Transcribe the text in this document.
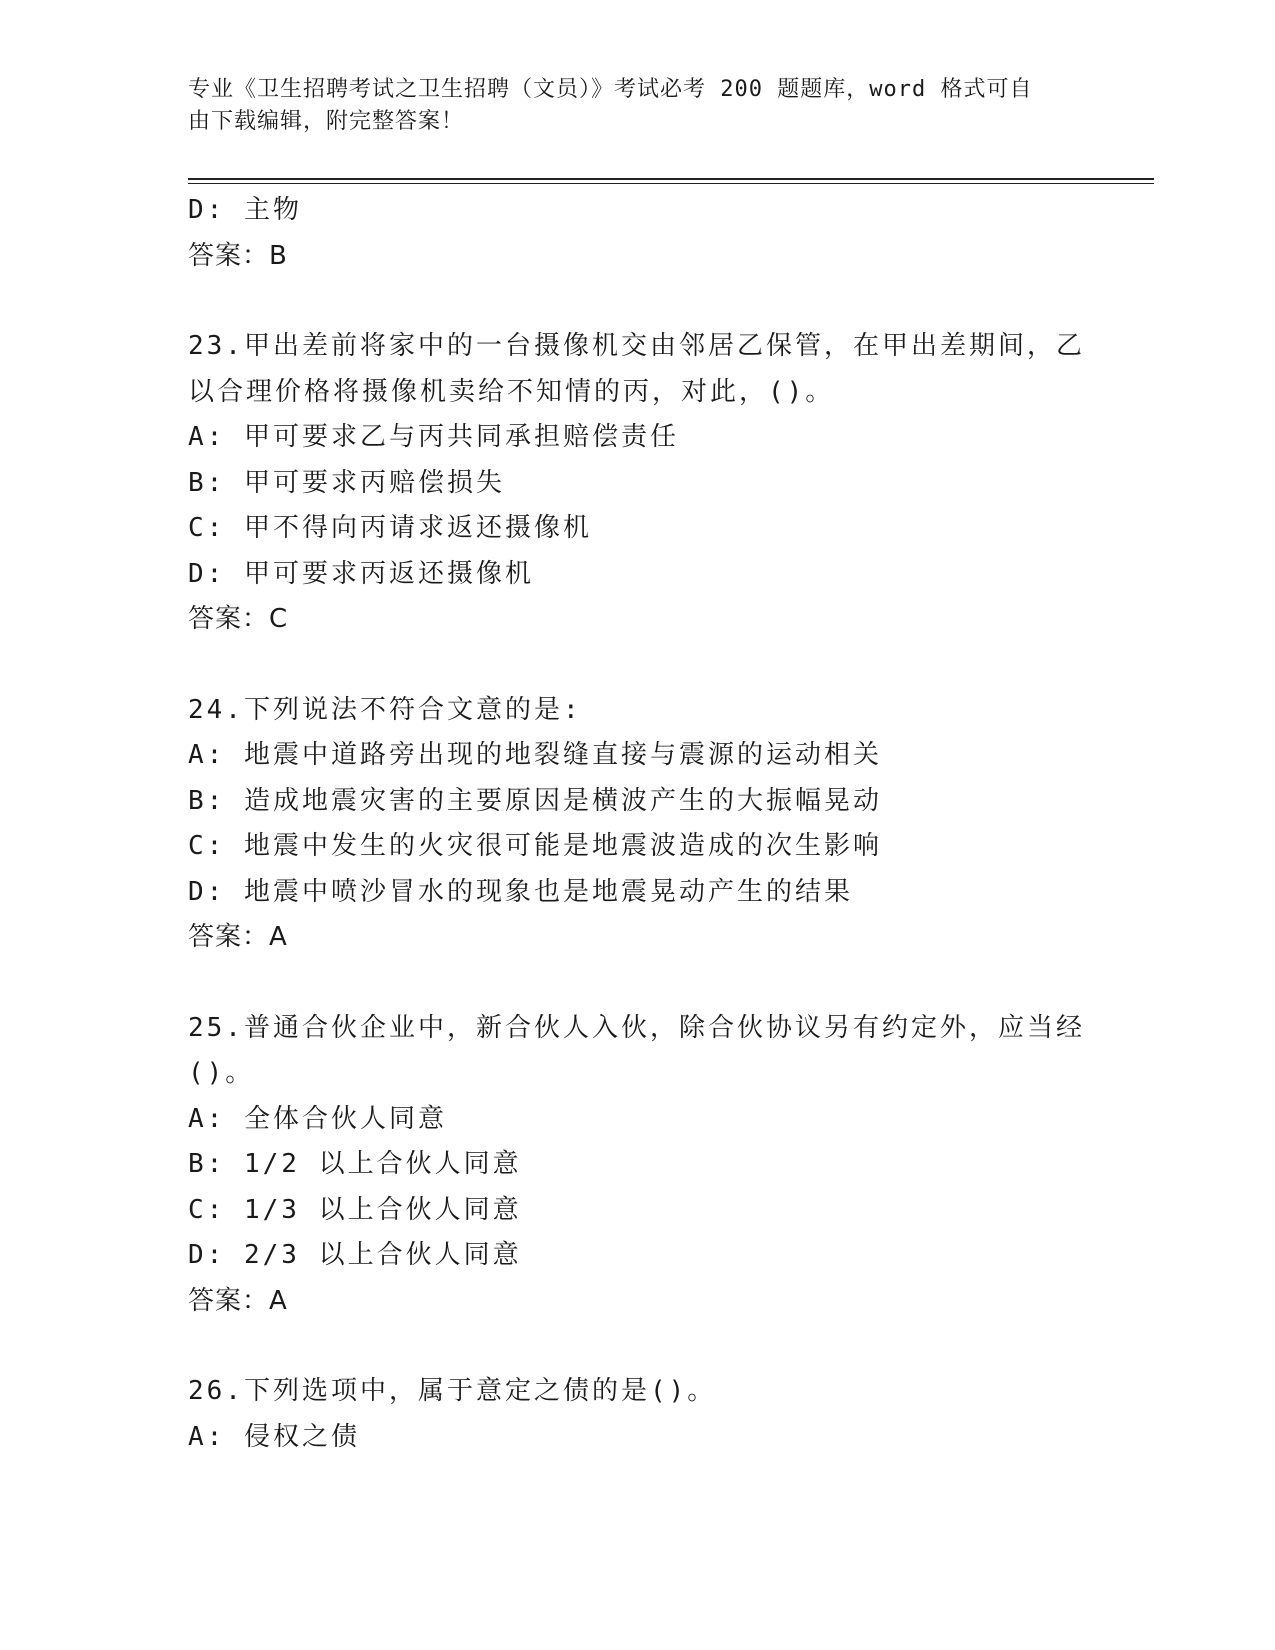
专业《卫生招聘考试之卫生招聘（文员）》考试必考 200 题题库，word 格式可自
由下载编辑，附完整答案！
D: 主物
答案：B
23.甲出差前将家中的一台摄像机交由邻居乙保管，在甲出差期间，乙
以合理价格将摄像机卖给不知情的丙，对此，()。
A: 甲可要求乙与丙共同承担赔偿责任
B: 甲可要求丙赔偿损失
C: 甲不得向丙请求返还摄像机
D: 甲可要求丙返还摄像机
答案：C
24.下列说法不符合文意的是:
A: 地震中道路旁出现的地裂缝直接与震源的运动相关
B: 造成地震灾害的主要原因是横波产生的大振幅晃动
C: 地震中发生的火灾很可能是地震波造成的次生影响
D: 地震中喷沙冒水的现象也是地震晃动产生的结果
答案：A
25.普通合伙企业中，新合伙人入伙，除合伙协议另有约定外，应当经
()。
A: 全体合伙人同意
B: 1/2 以上合伙人同意
C: 1/3 以上合伙人同意
D: 2/3 以上合伙人同意
答案：A
26.下列选项中，属于意定之债的是()。
A: 侵权之债
